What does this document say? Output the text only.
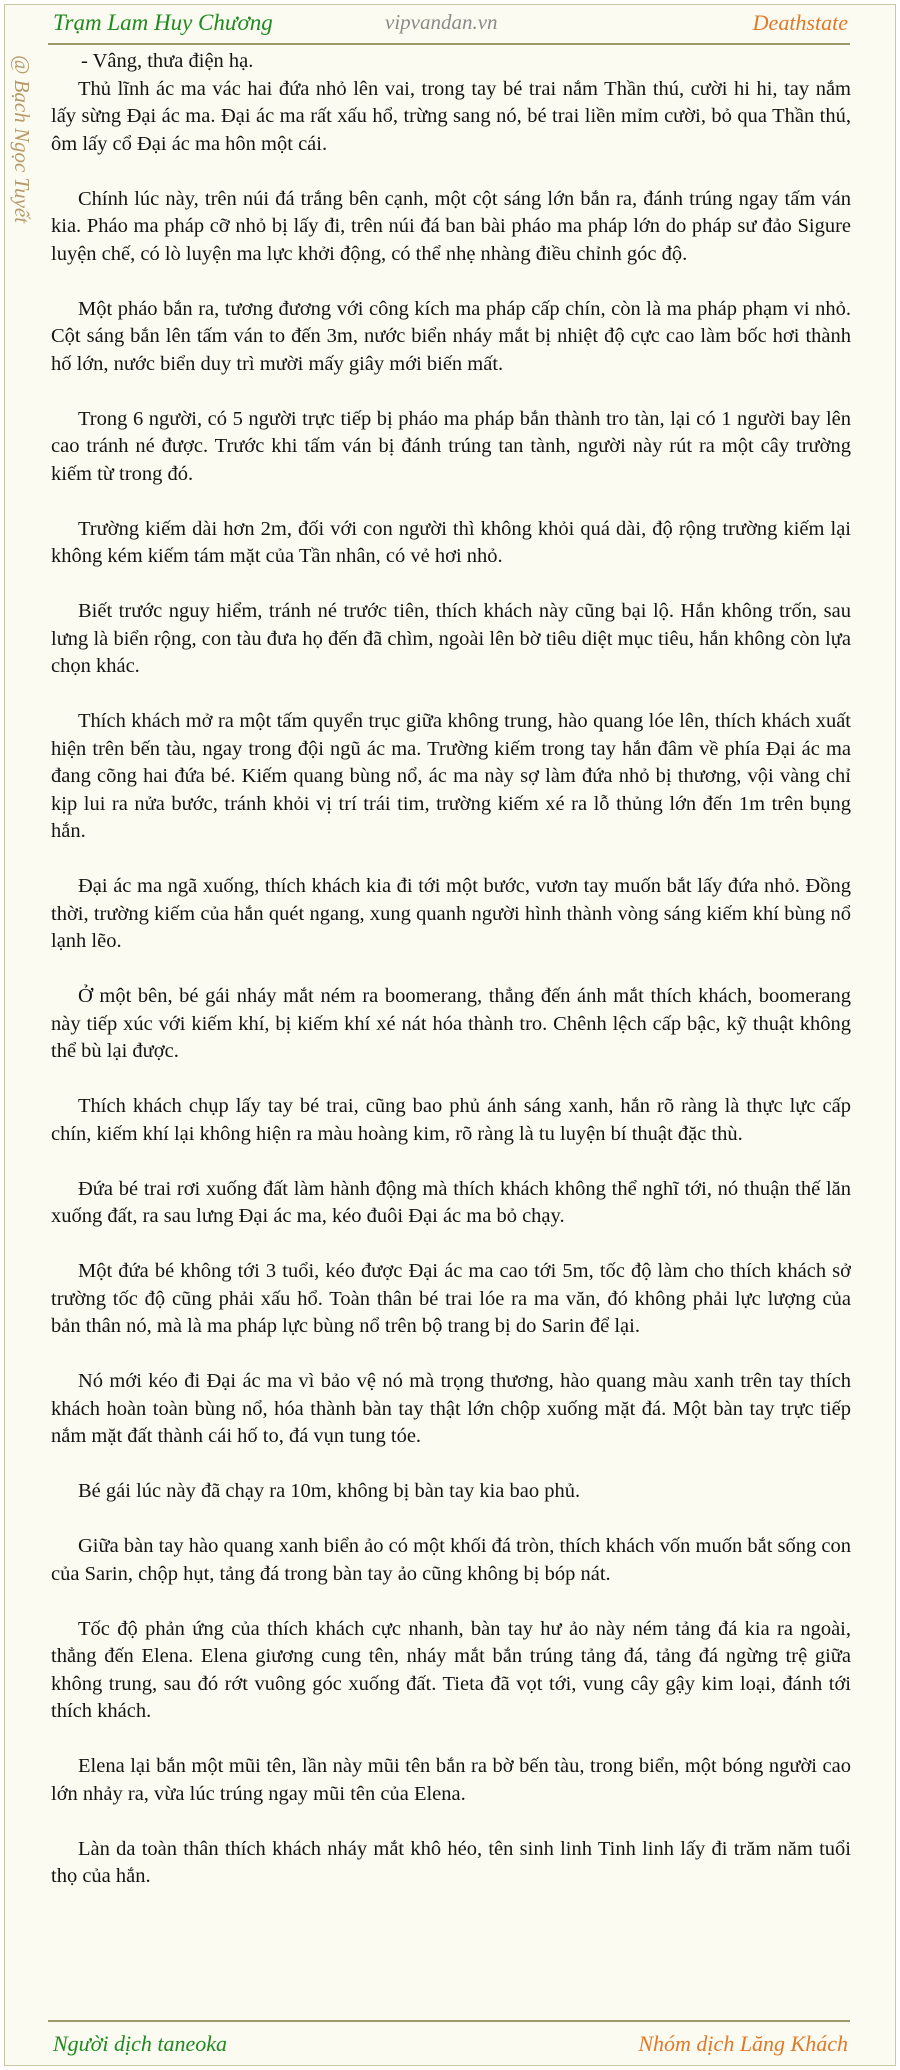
Trạm Lam Huy Chương	vipvandan.vn	Deathstate
@ Bạch Ngọc Tuyết	- Vâng, thưa điện hạ.

Thủ lĩnh ác ma vác hai đứa nhỏ lên vai, trong tay bé trai nắm Thần thú, cười hi hi, tay nắm lấy sừng Đại ác ma. Đại ác ma rất xấu hổ, trừng sang nó, bé trai liền mỉm cười, bỏ qua Thần thú, ôm lấy cổ Đại ác ma hôn một cái.

Chính lúc này, trên núi đá trắng bên cạnh, một cột sáng lớn bắn ra, đánh trúng ngay tấm ván kia. Pháo ma pháp cỡ nhỏ bị lấy đi, trên núi đá ban bài pháo ma pháp lớn do pháp sư đảo Sigure luyện chế, có lò luyện ma lực khởi động, có thể nhẹ nhàng điều chỉnh góc độ.

Một pháo bắn ra, tương đương với công kích ma pháp cấp chín, còn là ma pháp phạm vi nhỏ. Cột sáng bắn lên tấm ván to đến 3m, nước biển nháy mắt bị nhiệt độ cực cao làm bốc hơi thành hố lớn, nước biển duy trì mười mấy giây mới biến mất.

Trong 6 người, có 5 người trực tiếp bị pháo ma pháp bắn thành tro tàn, lại có 1 người bay lên cao tránh né được. Trước khi tấm ván bị đánh trúng tan tành, người này rút ra một cây trường kiếm từ trong đó.

Trường kiếm dài hơn 2m, đối với con người thì không khỏi quá dài, độ rộng trường kiếm lại không kém kiếm tám mặt của Tần nhân, có vẻ hơi nhỏ.

Biết trước nguy hiểm, tránh né trước tiên, thích khách này cũng bại lộ. Hắn không trốn, sau lưng là biển rộng, con tàu đưa họ đến đã chìm, ngoài lên bờ tiêu diệt mục tiêu, hắn không còn lựa chọn khác.

Thích khách mở ra một tấm quyển trục giữa không trung, hào quang lóe lên, thích khách xuất hiện trên bến tàu, ngay trong đội ngũ ác ma. Trường kiếm trong tay hắn đâm về phía Đại ác ma đang cõng hai đứa bé. Kiếm quang bùng nổ, ác ma này sợ làm đứa nhỏ bị thương, vội vàng chỉ kịp lui ra nửa bước, tránh khỏi vị trí trái tim, trường kiếm xé ra lỗ thủng lớn đến 1m trên bụng hắn.

Đại ác ma ngã xuống, thích khách kia đi tới một bước, vươn tay muốn bắt lấy đứa nhỏ. Đồng thời, trường kiếm của hắn quét ngang, xung quanh người hình thành vòng sáng kiếm khí bùng nổ lạnh lẽo.

Ở một bên, bé gái nháy mắt ném ra boomerang, thẳng đến ánh mắt thích khách, boomerang này tiếp xúc với kiếm khí, bị kiếm khí xé nát hóa thành tro. Chênh lệch cấp bậc, kỹ thuật không thể bù lại được.

Thích khách chụp lấy tay bé trai, cũng bao phủ ánh sáng xanh, hắn rõ ràng là thực lực cấp chín, kiếm khí lại không hiện ra màu hoàng kim, rõ ràng là tu luyện bí thuật đặc thù.

Đứa bé trai rơi xuống đất làm hành động mà thích khách không thể nghĩ tới, nó thuận thế lăn xuống đất, ra sau lưng Đại ác ma, kéo đuôi Đại ác ma bỏ chạy.

Một đứa bé không tới 3 tuổi, kéo được Đại ác ma cao tới 5m, tốc độ làm cho thích khách sở trường tốc độ cũng phải xấu hổ. Toàn thân bé trai lóe ra ma văn, đó không phải lực lượng của bản thân nó, mà là ma pháp lực bùng nổ trên bộ trang bị do Sarin để lại.

Nó mới kéo đi Đại ác ma vì bảo vệ nó mà trọng thương, hào quang màu xanh trên tay thích khách hoàn toàn bùng nổ, hóa thành bàn tay thật lớn chộp xuống mặt đá. Một bàn tay trực tiếp nắm mặt đất thành cái hố to, đá vụn tung tóe.

Bé gái lúc này đã chạy ra 10m, không bị bàn tay kia bao phủ.

Giữa bàn tay hào quang xanh biển ảo có một khối đá tròn, thích khách vốn muốn bắt sống con của Sarin, chộp hụt, tảng đá trong bàn tay ảo cũng không bị bóp nát.

Tốc độ phản ứng của thích khách cực nhanh, bàn tay hư ảo này ném tảng đá kia ra ngoài, thẳng đến Elena. Elena giương cung tên, nháy mắt bắn trúng tảng đá, tảng đá ngừng trệ giữa không trung, sau đó rớt vuông góc xuống đất. Tieta đã vọt tới, vung cây gậy kim loại, đánh tới thích khách.

Elena lại bắn một mũi tên, lần này mũi tên bắn ra bờ bến tàu, trong biển, một bóng người cao lớn nhảy ra, vừa lúc trúng ngay mũi tên của Elena.

Làn da toàn thân thích khách nháy mắt khô héo, tên sinh linh Tinh linh lấy đi trăm năm tuổi thọ của hắn.

Người dịch taneoka	Nhóm dịch Lăng Khách
